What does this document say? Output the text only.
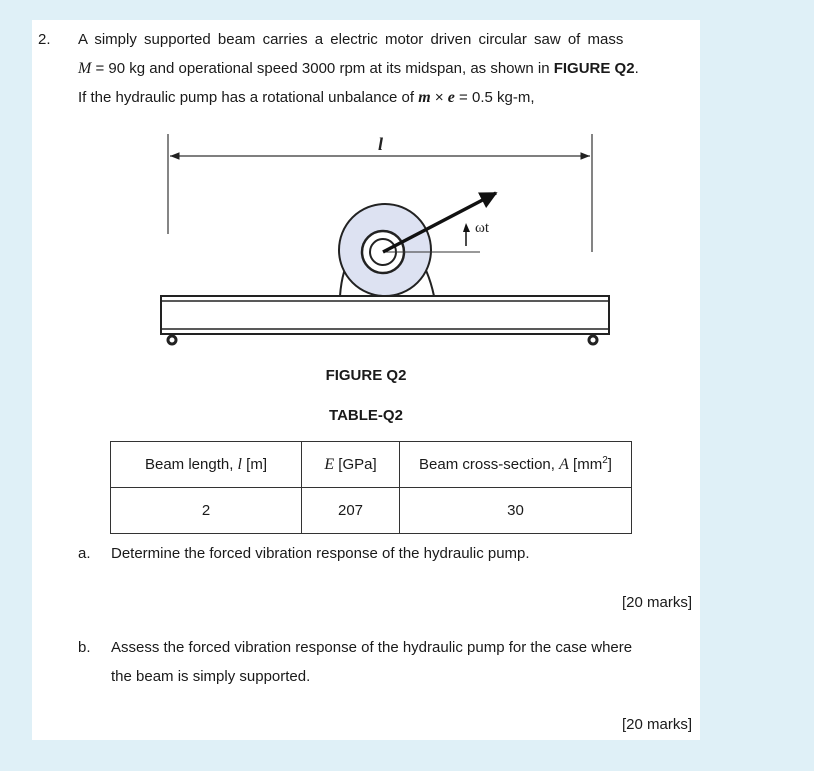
2. A simply supported beam carries a electric motor driven circular saw of mass
M = 90 kg and operational speed 3000 rpm at its midspan, as shown in FIGURE Q2.
If the hydraulic pump has a rotational unbalance of m × e = 0.5 kg-m,
l
ωt
FIGURE Q2
TABLE-Q2
Beam length, l [m]	E [GPa]	Beam cross-section, A $[mm^2]$
2	207	30
a. Determine the forced vibration response of the hydraulic pump.
[20 marks]
b. Assess the forced vibration response of the hydraulic pump for the case where
the beam is simply supported.
[20 marks]
